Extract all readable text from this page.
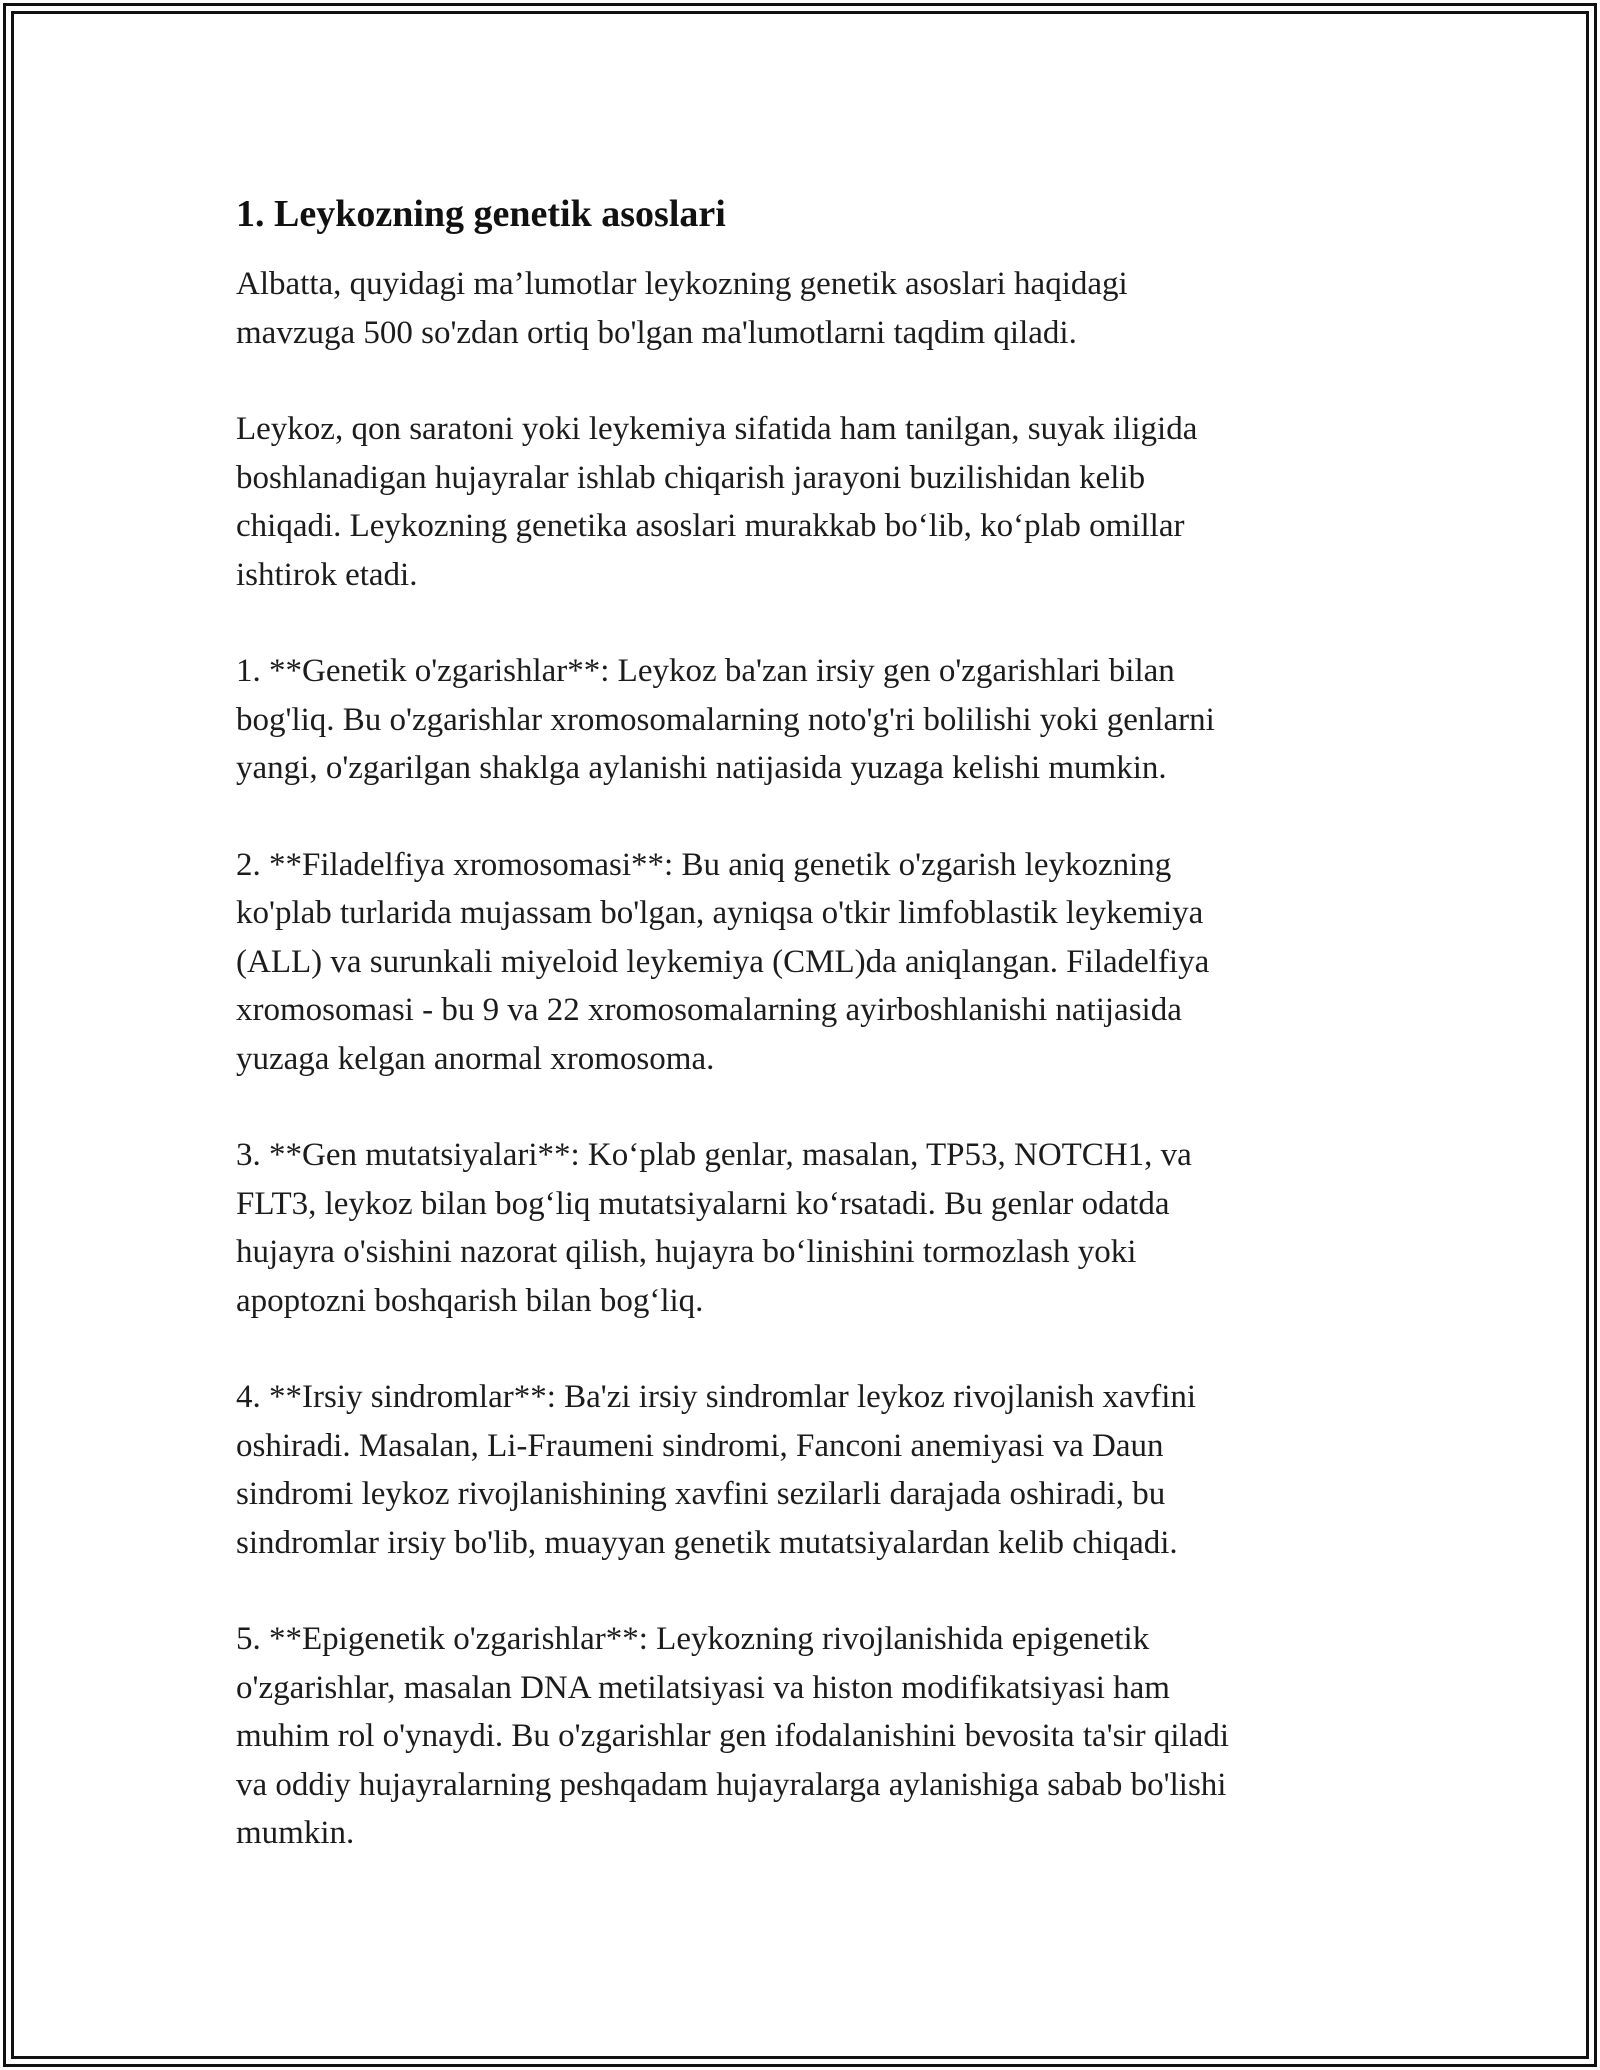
1. Leykozning genetik asoslari

Albatta, quyidagi ma’lumotlar leykozning genetik asoslari haqidagi
mavzuga 500 so'zdan ortiq bo'lgan ma'lumotlarni taqdim qiladi.

Leykoz, qon saratoni yoki leykemiya sifatida ham tanilgan, suyak iligida
boshlanadigan hujayralar ishlab chiqarish jarayoni buzilishidan kelib
chiqadi. Leykozning genetika asoslari murakkab bo‘lib, ko‘plab omillar
ishtirok etadi.

1. **Genetik o'zgarishlar**: Leykoz ba'zan irsiy gen o'zgarishlari bilan
bog'liq. Bu o'zgarishlar xromosomalarning noto'g'ri bolilishi yoki genlarni
yangi, o'zgarilgan shaklga aylanishi natijasida yuzaga kelishi mumkin.

2. **Filadelfiya xromosomasi**: Bu aniq genetik o'zgarish leykozning
ko'plab turlarida mujassam bo'lgan, ayniqsa o'tkir limfoblastik leykemiya
(ALL) va surunkali miyeloid leykemiya (CML)da aniqlangan. Filadelfiya
xromosomasi - bu 9 va 22 xromosomalarning ayirboshlanishi natijasida
yuzaga kelgan anormal xromosoma.

3. **Gen mutatsiyalari**: Ko‘plab genlar, masalan, TP53, NOTCH1, va
FLT3, leykoz bilan bog‘liq mutatsiyalarni ko‘rsatadi. Bu genlar odatda
hujayra o'sishini nazorat qilish, hujayra bo‘linishini tormozlash yoki
apoptozni boshqarish bilan bog‘liq.

4. **Irsiy sindromlar**: Ba'zi irsiy sindromlar leykoz rivojlanish xavfini
oshiradi. Masalan, Li-Fraumeni sindromi, Fanconi anemiyasi va Daun
sindromi leykoz rivojlanishining xavfini sezilarli darajada oshiradi, bu
sindromlar irsiy bo'lib, muayyan genetik mutatsiyalardan kelib chiqadi.

5. **Epigenetik o'zgarishlar**: Leykozning rivojlanishida epigenetik
o'zgarishlar, masalan DNA metilatsiyasi va histon modifikatsiyasi ham
muhim rol o'ynaydi. Bu o'zgarishlar gen ifodalanishini bevosita ta'sir qiladi
va oddiy hujayralarning peshqadam hujayralarga aylanishiga sabab bo'lishi
mumkin.
